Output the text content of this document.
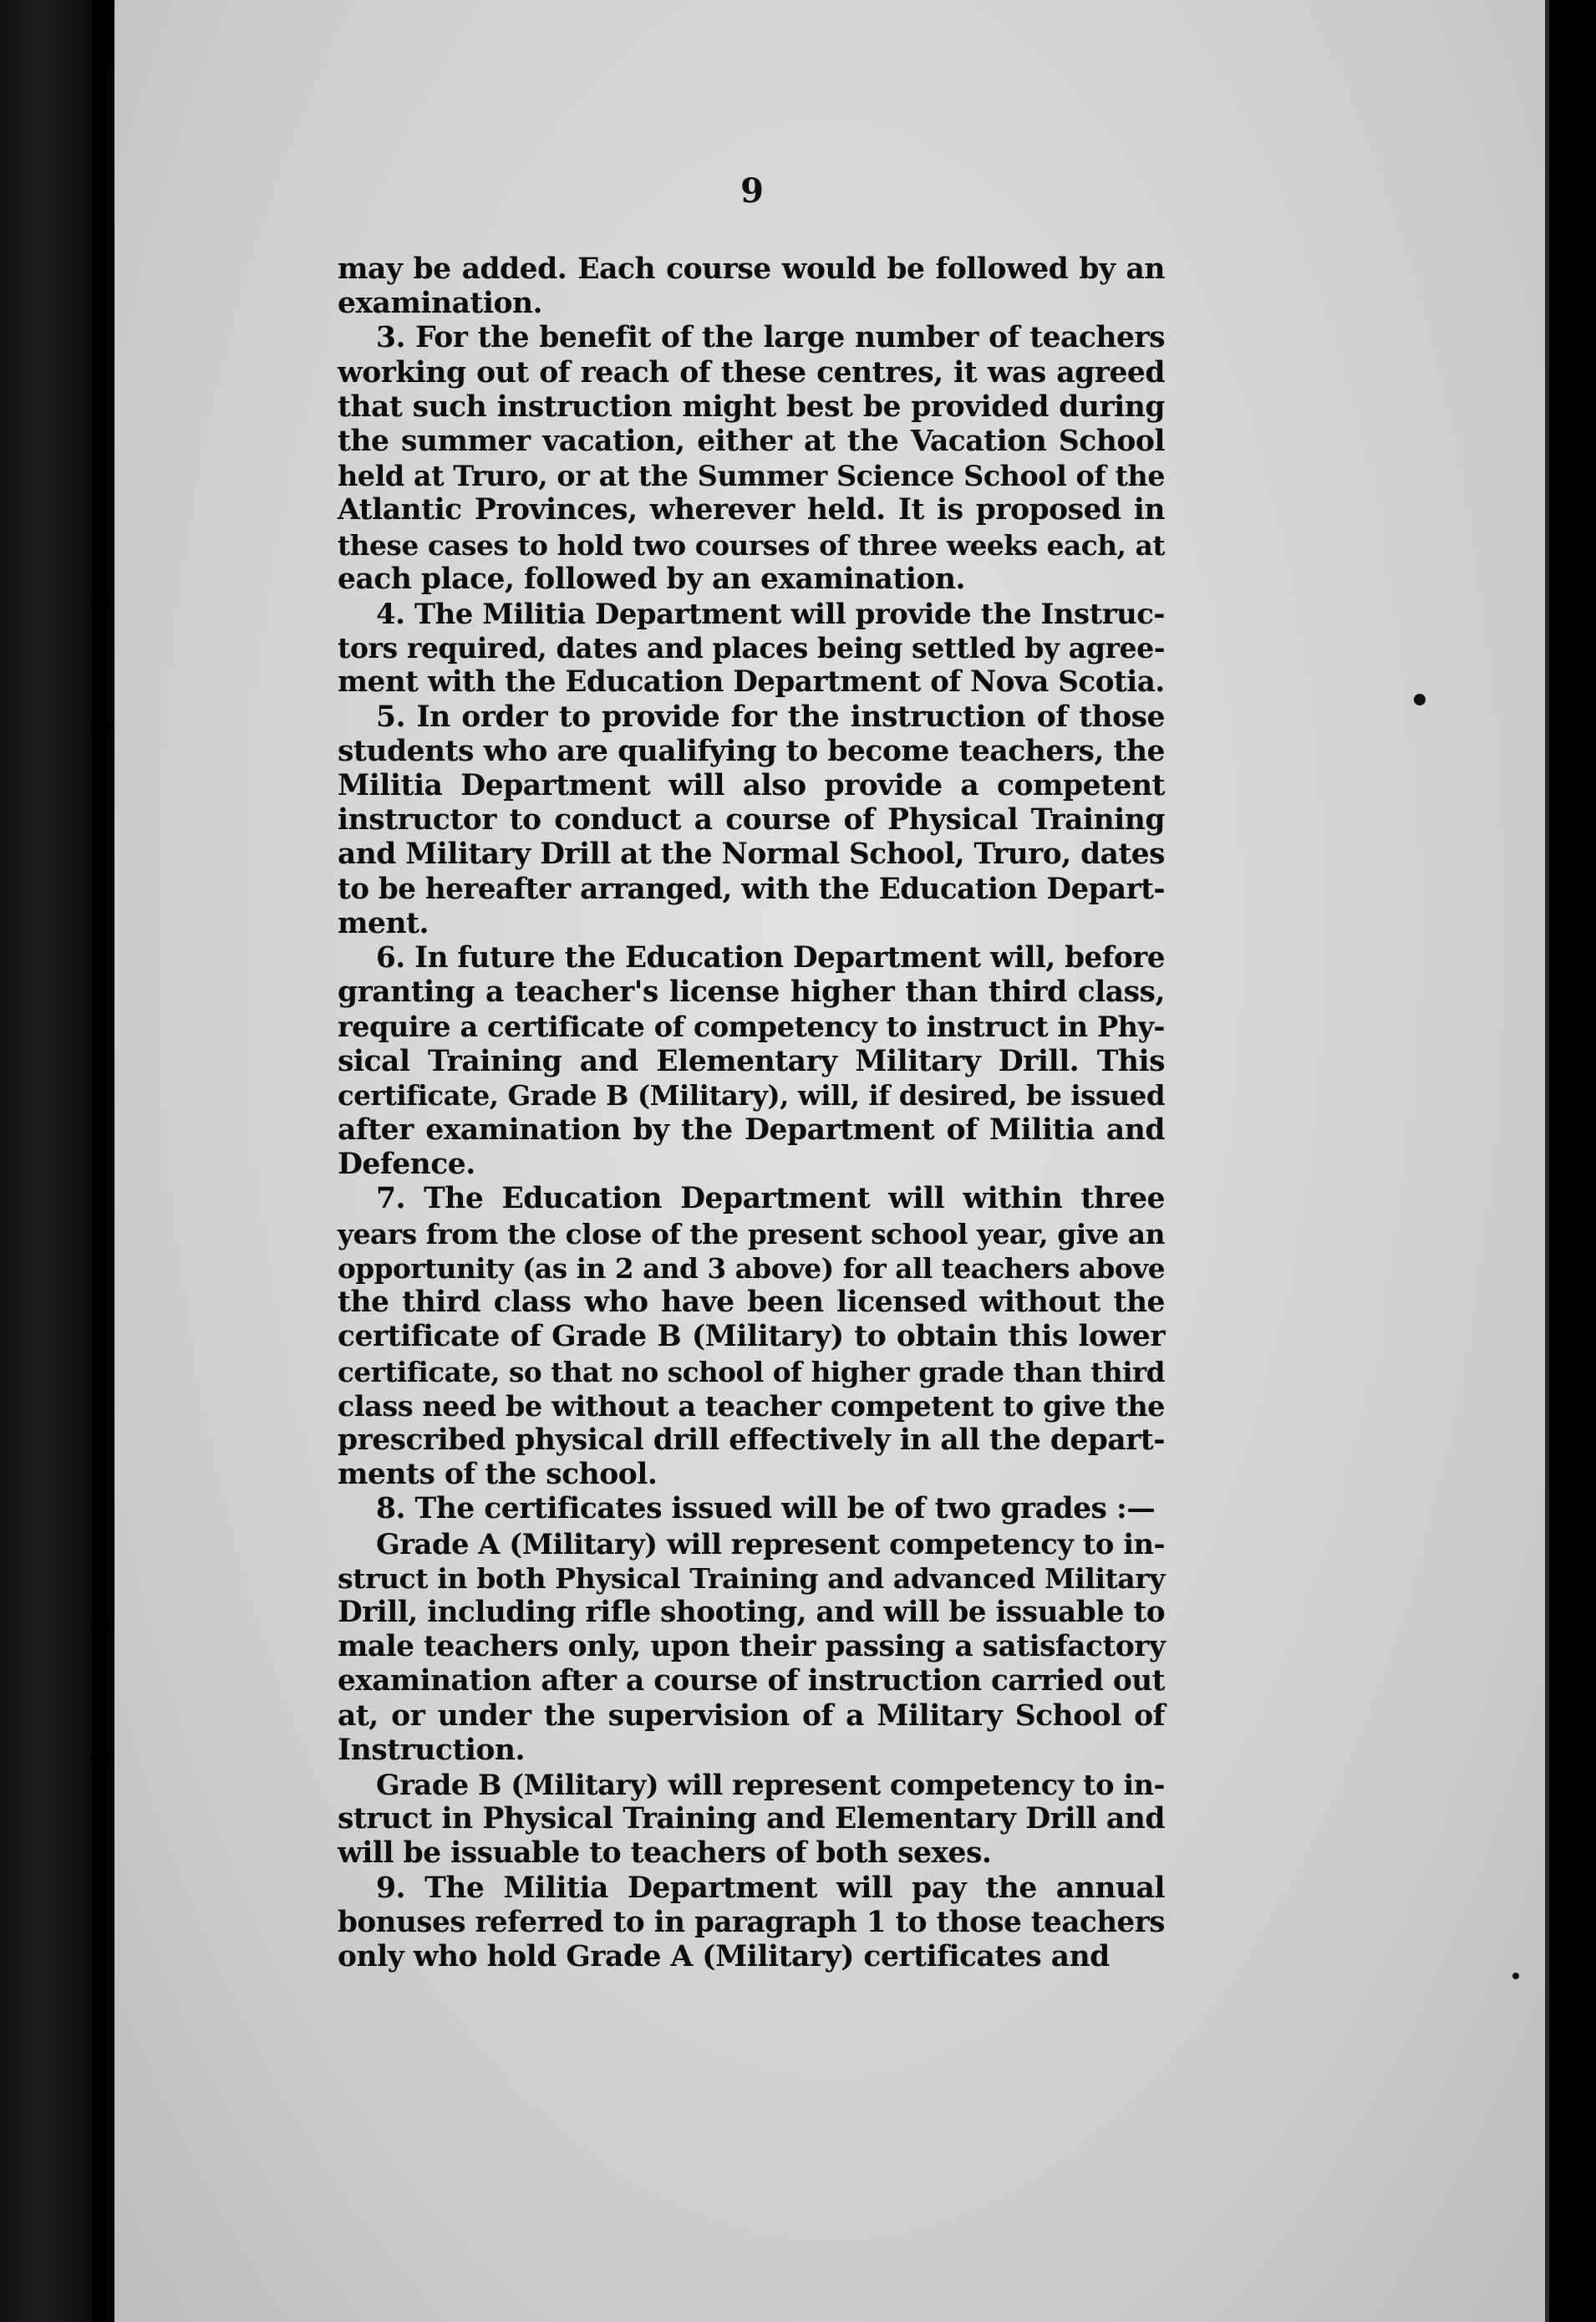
9
may be added. Each course would be followed by an
examination.
3. For the benefit of the large number of teachers
working out of reach of these centres, it was agreed
that such instruction might best be provided during
the summer vacation, either at the Vacation School
held at Truro, or at the Summer Science School of the
Atlantic Provinces, wherever held. It is proposed in
these cases to hold two courses of three weeks each, at
each place, followed by an examination.
4. The Militia Department will provide the Instruc-
tors required, dates and places being settled by agree-
ment with the Education Department of Nova Scotia.
5. In order to provide for the instruction of those
students who are qualifying to become teachers, the
Militia Department will also provide a competent
instructor to conduct a course of Physical Training
and Military Drill at the Normal School, Truro, dates
to be hereafter arranged, with the Education Depart-
ment.
6. In future the Education Department will, before
granting a teacher's license higher than third class,
require a certificate of competency to instruct in Phy-
sical Training and Elementary Military Drill. This
certificate, Grade B (Military), will, if desired, be issued
after examination by the Department of Militia and
Defence.
7. The Education Department will within three
years from the close of the present school year, give an
opportunity (as in 2 and 3 above) for all teachers above
the third class who have been licensed without the
certificate of Grade B (Military) to obtain this lower
certificate, so that no school of higher grade than third
class need be without a teacher competent to give the
prescribed physical drill effectively in all the depart-
ments of the school.
8. The certificates issued will be of two grades :—
Grade A (Military) will represent competency to in-
struct in both Physical Training and advanced Military
Drill, including rifle shooting, and will be issuable to
male teachers only, upon their passing a satisfactory
examination after a course of instruction carried out
at, or under the supervision of a Military School of
Instruction.
Grade B (Military) will represent competency to in-
struct in Physical Training and Elementary Drill and
will be issuable to teachers of both sexes.
9. The Militia Department will pay the annual
bonuses referred to in paragraph 1 to those teachers
only who hold Grade A (Military) certificates and
